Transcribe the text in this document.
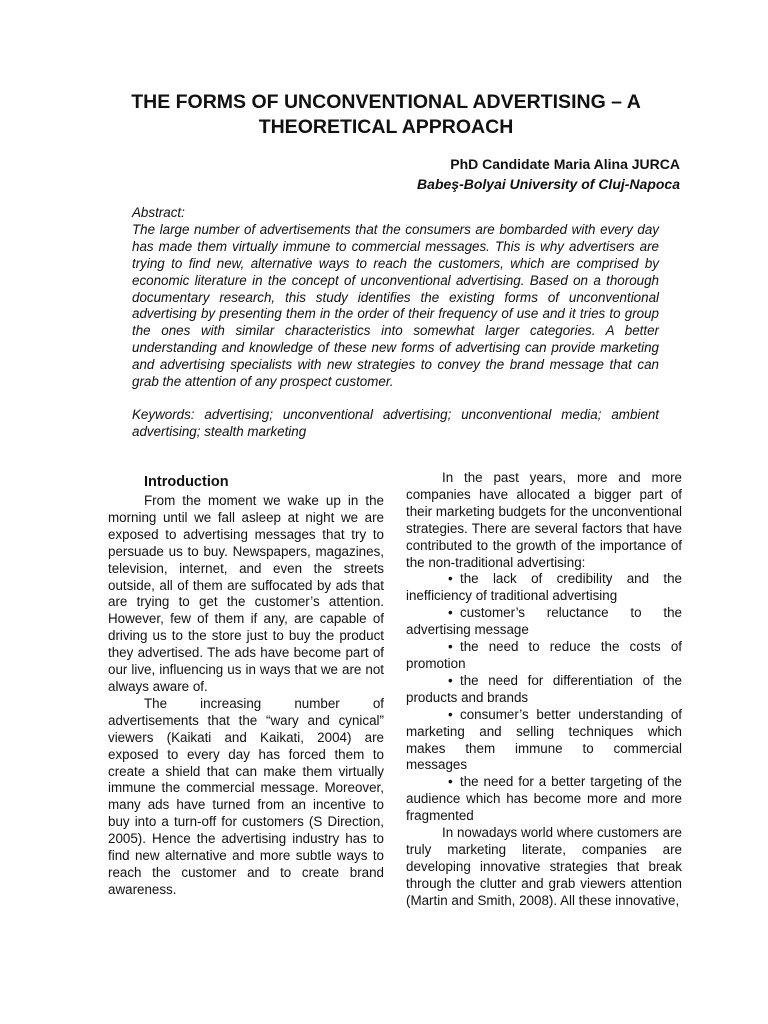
THE FORMS OF UNCONVENTIONAL ADVERTISING – A THEORETICAL APPROACH
PhD Candidate Maria Alina JURCA
Babeş-Bolyai University of Cluj-Napoca

Abstract:

The large number of advertisements that the consumers are bombarded with every day has made them virtually immune to commercial messages. This is why advertisers are trying to find new, alternative ways to reach the customers, which are comprised by economic literature in the concept of unconventional advertising. Based on a thorough documentary research, this study identifies the existing forms of unconventional advertising by presenting them in the order of their frequency of use and it tries to group the ones with similar characteristics into somewhat larger categories. A better understanding and knowledge of these new forms of advertising can provide marketing and advertising specialists with new strategies to convey the brand message that can grab the attention of any prospect customer.

Keywords: advertising; unconventional advertising; unconventional media; ambient advertising; stealth marketing

Introduction

From the moment we wake up in the morning until we fall asleep at night we are exposed to advertising messages that try to persuade us to buy. Newspapers, magazines, television, internet, and even the streets outside, all of them are suffocated by ads that are trying to get the customer’s attention. However, few of them if any, are capable of driving us to the store just to buy the product they advertised. The ads have become part of our live, influencing us in ways that we are not always aware of.

The increasing number of advertisements that the “wary and cynical” viewers (Kaikati and Kaikati, 2004) are exposed to every day has forced them to create a shield that can make them virtually immune the commercial message. Moreover, many ads have turned from an incentive to buy into a turn-off for customers (S Direction, 2005). Hence the advertising industry has to find new alternative and more subtle ways to reach the customer and to create brand awareness.

In the past years, more and more companies have allocated a bigger part of their marketing budgets for the unconventional strategies. There are several factors that have contributed to the growth of the importance of the non-traditional advertising:

• the lack of credibility and the inefficiency of traditional advertising

• customer’s reluctance to the advertising message

• the need to reduce the costs of promotion

• the need for differentiation of the products and brands

• consumer’s better understanding of marketing and selling techniques which makes them immune to commercial messages

• the need for a better targeting of the audience which has become more and more fragmented

In nowadays world where customers are truly marketing literate, companies are developing innovative strategies that break through the clutter and grab viewers attention (Martin and Smith, 2008). All these innovative,
